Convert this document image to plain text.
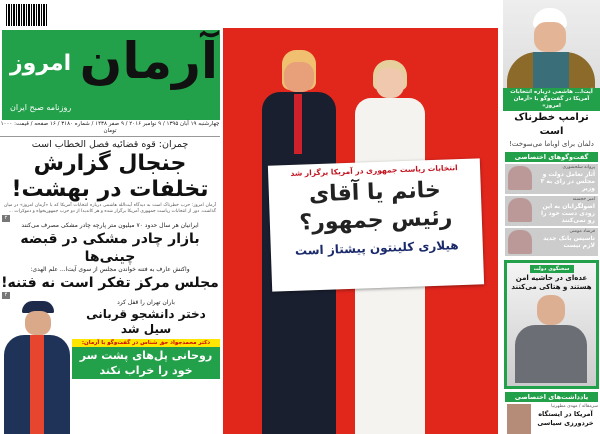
امروز
روزنامه صبح ایران
آرمان
چهارشنبه ۱۹ آبان ۱۳۹۵ / ۹ نوامبر ۲۰۱۶ / ۹ صفر ۱۴۳۸ / شماره ۳۱۸۰ / ۱۶ صفحه / قیمت: ۱۰۰۰ تومان
چمران: قوه قضائیه فصل الخطاب است
جنجال گزارش تخلفات در بهشت!
آرمان امروز: حزب خطرناک است به دیدگاه آیت‌الله هاشمی درباره انتخابات آمریکا که با «آرمان امروز» در میان گذاشت. دور از انتخابات ریاست جمهوری آمریکا برگزار شده و هر کاندیدا از دو حزب جمهوریخواه و دموکرات ...
۲
ایرانیان هر سال حدود ۷۰ میلیون متر پارچه چادر مشکی مصرف می‌کنند
بازار چادر مشکی در قبضه چینی‌ها
واکنش عارف به فتنه خواندن مجلس از سوی آیت‌ا... علم الهدی:
مجلس مرکز تفکر است نه فتنه!
۴
باران تهران را قفل کرد
دختر دانشجو قربانی سیل شد
دکتر محمدجواد حق شناس در گفت‌وگو با آرمان:
روحانی پل‌های پشت سر خود را خراب نکند
انتخابات ریاست جمهوری در آمریکا برگزار شد
خانم یا آقای
رئیس جمهور؟
هیلاری کلینتون پیشتاز است
آیت‌ا... هاشمی درباره انتخابات آمریکا در گفت‌وگو با «آرمان امروز»
ترامپ خطرناک است
دلمان برای اوباما می‌سوخت!
گفت‌وگوهای اختصاصی
پروانه سلحشوری
آثار تعامل دولت و مجلس در رای به ۳ وزیر
امیر خجسته
اصولگرایان به این زودی دست خود را رو نمی‌کنند
فرشاد مومنی
تاسیس بانک جدید لازم نیست
سخنگوی دولت
عده‌ای در حاشیه امن هستند و هتاکی می‌کنند
یادداشت‌های اختصاصی
سرمقاله / مهدی مطهرنیا
آمریکا در ایستگاه خردورزی سیاسی
